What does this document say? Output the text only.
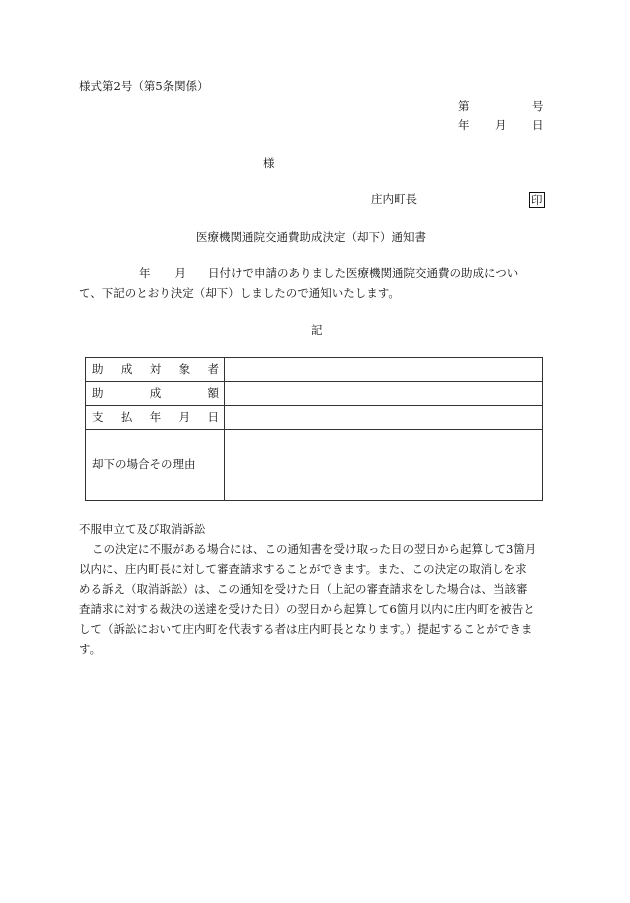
様式第2号（第5条関係）
第	号
年 月 日
様
庄内町長	印
医療機関通院交通費助成決定（却下）通知書
年 月 日付けで申請のありました医療機関通院交通費の助成につい
て、下記のとおり決定（却下）しましたので通知いたします。
記
助成対象者	
助成額	
支払年月日	
却下の場合その理由	
不服申立て及び取消訴訟
この決定に不服がある場合には、この通知書を受け取った日の翌日から起算して3箇月
以内に、庄内町長に対して審査請求することができます。また、この決定の取消しを求
める訴え（取消訴訟）は、この通知を受けた日（上記の審査請求をした場合は、当該審
査請求に対する裁決の送達を受けた日）の翌日から起算して6箇月以内に庄内町を被告と
して（訴訟において庄内町を代表する者は庄内町長となります。）提起することができま
す。
